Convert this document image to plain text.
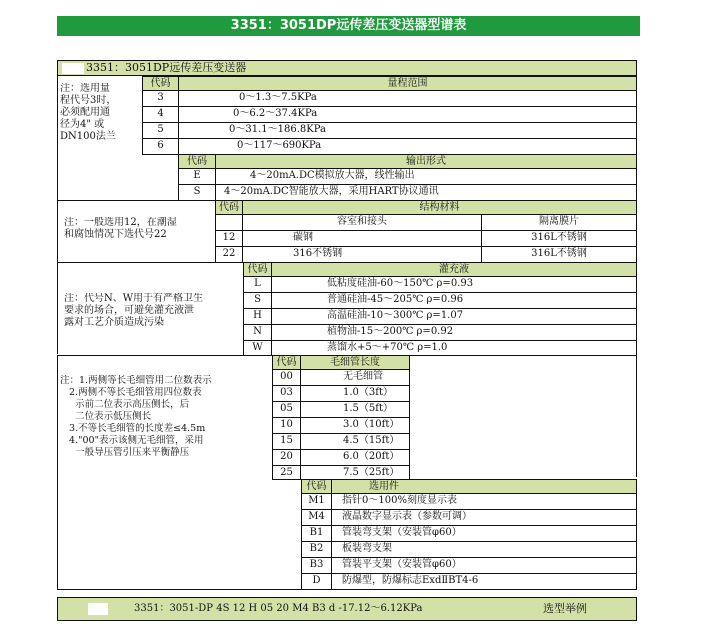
3351：3051DP远传差压变送器型谱表
3351：3051DP远传差压变送器
注：选用量
程代号3时，
必须配用通
径为4" 或
DN100法兰
代码	量程范围
3	0～1.3～7.5KPa
4	0～6.2～37.4KPa
5	0～31.1～186.8KPa
6	0～117～690KPa
代码	输出形式
E	4～20mA.DC模拟放大器，线性输出
S	4～20mA.DC智能放大器，采用HART协议通讯
注：一般选用12，在潮湿
和腐蚀情况下选代号22
代码	结构材料
容室和接头	隔离膜片
12	碳钢	316L不锈钢
22	316不锈钢	316L不锈钢
注：代号N、W用于有严格卫生
要求的场合，可避免灌充液泄
露对工艺介质造成污染
代码	灌充液
L	低粘度硅油-60～150℃ ρ=0.93
S	普通硅油-45～205℃ ρ=0.96
H	高温硅油-10～300℃ ρ=1.07
N	植物油-15～200℃ ρ=0.92
W	蒸馏水+5～+70℃ ρ=1.0
注：1.两侧等长毛细管用二位数表示
2.两侧不等长毛细管用四位数表
示前二位表示高压侧长，后
二位表示低压侧长
3.不等长毛细管的长度差≤4.5m
4."00"表示该侧无毛细管，采用
一般导压管引压来平衡静压
代码	毛细管长度
00	无毛细管
03	1.0（3ft）
05	1.5（5ft）
10	3.0（10ft）
15	4.5（15ft）
20	6.0（20ft）
25	7.5（25ft）
代码	选用件
M1	指针0～100%刻度显示表
M4	液晶数字显示表（参数可调）
B1	管装弯支架（安装管φ60）
B2	板装弯支架
B3	管装平支架（安装管φ60）
D	防爆型，防爆标志ExdⅡBT4-6
3351：3051-DP 4S 12 H 05 20 M4 B3 d -17.12～6.12KPa	选型举例
